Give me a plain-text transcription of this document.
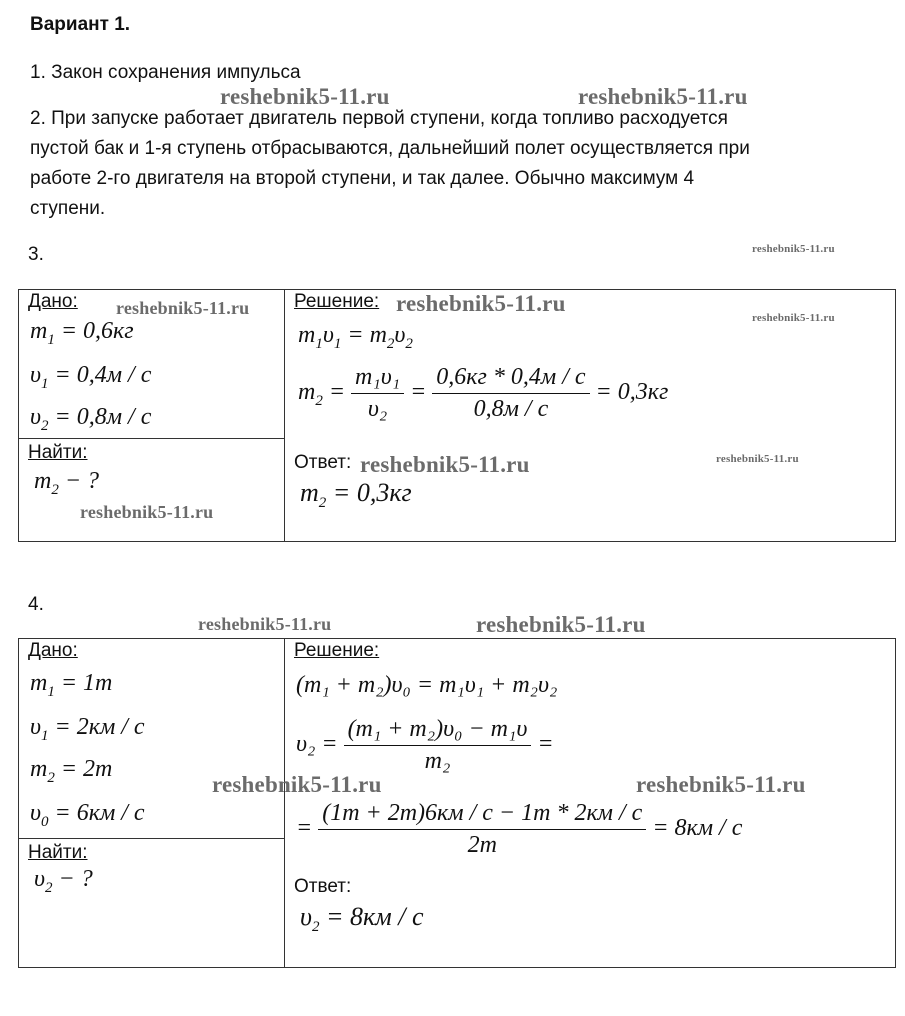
Вариант 1.
1. Закон сохранения импульса
2. При запуске работает двигатель первой ступени, когда топливо расходуется
пустой бак и 1-я ступень отбрасываются, дальнейший полет осуществляется при
работе 2-го двигателя на второй ступени, и так далее. Обычно максимум 4
ступени.
reshebnik5-11.ru	reshebnik5-11.ru
reshebnik5-11.ru
3.
Дано: reshebnik5-11.ru
$m_1 = 0,6кг$
$\upsilon_1 = 0,4м / с$
$\upsilon_2 = 0,8м / с$
Найти:
$m_2$ − ?
reshebnik5-11.ru
Решение: reshebnik5-11.ru
reshebnik5-11.ru
$m_1\upsilon_1 = m_2\upsilon_2$
$m_2 = \frac{\text{m₁υ₁}}{\text{υ₂}} = \frac{0,6кг * 0,4м / с}{0,8м / с} = 0,3кг$
Ответ: reshebnik5-11.ru	reshebnik5-11.ru
$m_2 = 0,3кг$
4.
reshebnik5-11.ru	reshebnik5-11.ru
Дано:
$m_1 = 1т$
$\upsilon_1 = 2км / с$
$m_2 = 2т$
$\upsilon_0 = 6км / с$
reshebnik5-11.ru	reshebnik5-11.ru
Найти:
$\upsilon_2$ − ?
Решение:
(m₁ + m₂)υ₀ = m₁υ₁ + m₂υ₂
$\upsilon_2 = \frac{\text{(m₁ + m₂)υ₀ − m₁υ}}{\text{m₂}}$ =
= $\frac{(1т + 2т)6км / с - 1т * 2км / с}{2т} = 8км / с$
Ответ:
$\upsilon_2 = 8км / с$
